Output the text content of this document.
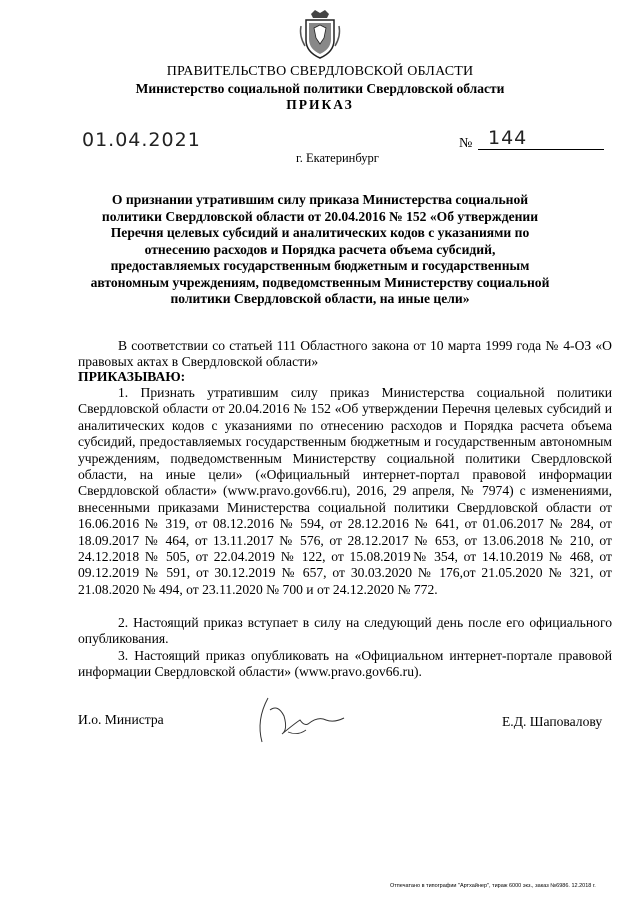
ПРАВИТЕЛЬСТВО СВЕРДЛОВСКОЙ ОБЛАСТИ
Министерство социальной политики Свердловской области
ПРИКАЗ
01.04.2021	№ 144
г. Екатеринбург
О признании утратившим силу приказа Министерства социальной политики Свердловской области от 20.04.2016 № 152 «Об утверждении Перечня целевых субсидий и аналитических кодов с указаниями по отнесению расходов и Порядка расчета объема субсидий, предоставляемых государственным бюджетным и государственным автономным учреждениям, подведомственным Министерству социальной политики Свердловской области, на иные цели»
В соответствии со статьей 111 Областного закона от 10 марта 1999 года № 4-ОЗ «О правовых актах в Свердловской области»
ПРИКАЗЫВАЮ:
1. Признать утратившим силу приказ Министерства социальной политики Свердловской области от 20.04.2016 № 152 «Об утверждении Перечня целевых субсидий и аналитических кодов с указаниями по отнесению расходов и Порядка расчета объема субсидий, предоставляемых государственным бюджетным и государственным автономным учреждениям, подведомственным Министерству социальной политики Свердловской области, на иные цели» («Официальный интернет-портал правовой информации Свердловской области» (www.pravo.gov66.ru), 2016, 29 апреля, № 7974) с изменениями, внесенными приказами Министерства социальной политики Свердловской области от 16.06.2016 № 319, от 08.12.2016 № 594, от 28.12.2016 № 641, от 01.06.2017 № 284, от 18.09.2017 № 464, от 13.11.2017 № 576, от 28.12.2017 № 653, от 13.06.2018 № 210, от 24.12.2018 № 505, от 22.04.2019 № 122, от 15.08.2019№ 354, от 14.10.2019 № 468, от 09.12.2019 № 591, от 30.12.2019 № 657, от 30.03.2020 № 176,от 21.05.2020 № 321, от 21.08.2020 № 494, от 23.11.2020 № 700 и от 24.12.2020 № 772.
2. Настоящий приказ вступает в силу на следующий день после его официального опубликования.
3. Настоящий приказ опубликовать на «Официальном интернет-портале правовой информации Свердловской области» (www.pravo.gov66.ru).
И.о. Министра	Е.Д. Шаповалову
Отпечатано в типографии "Артхайнер", тираж 6000 экз., заказ №6986. 12.2018 г.
